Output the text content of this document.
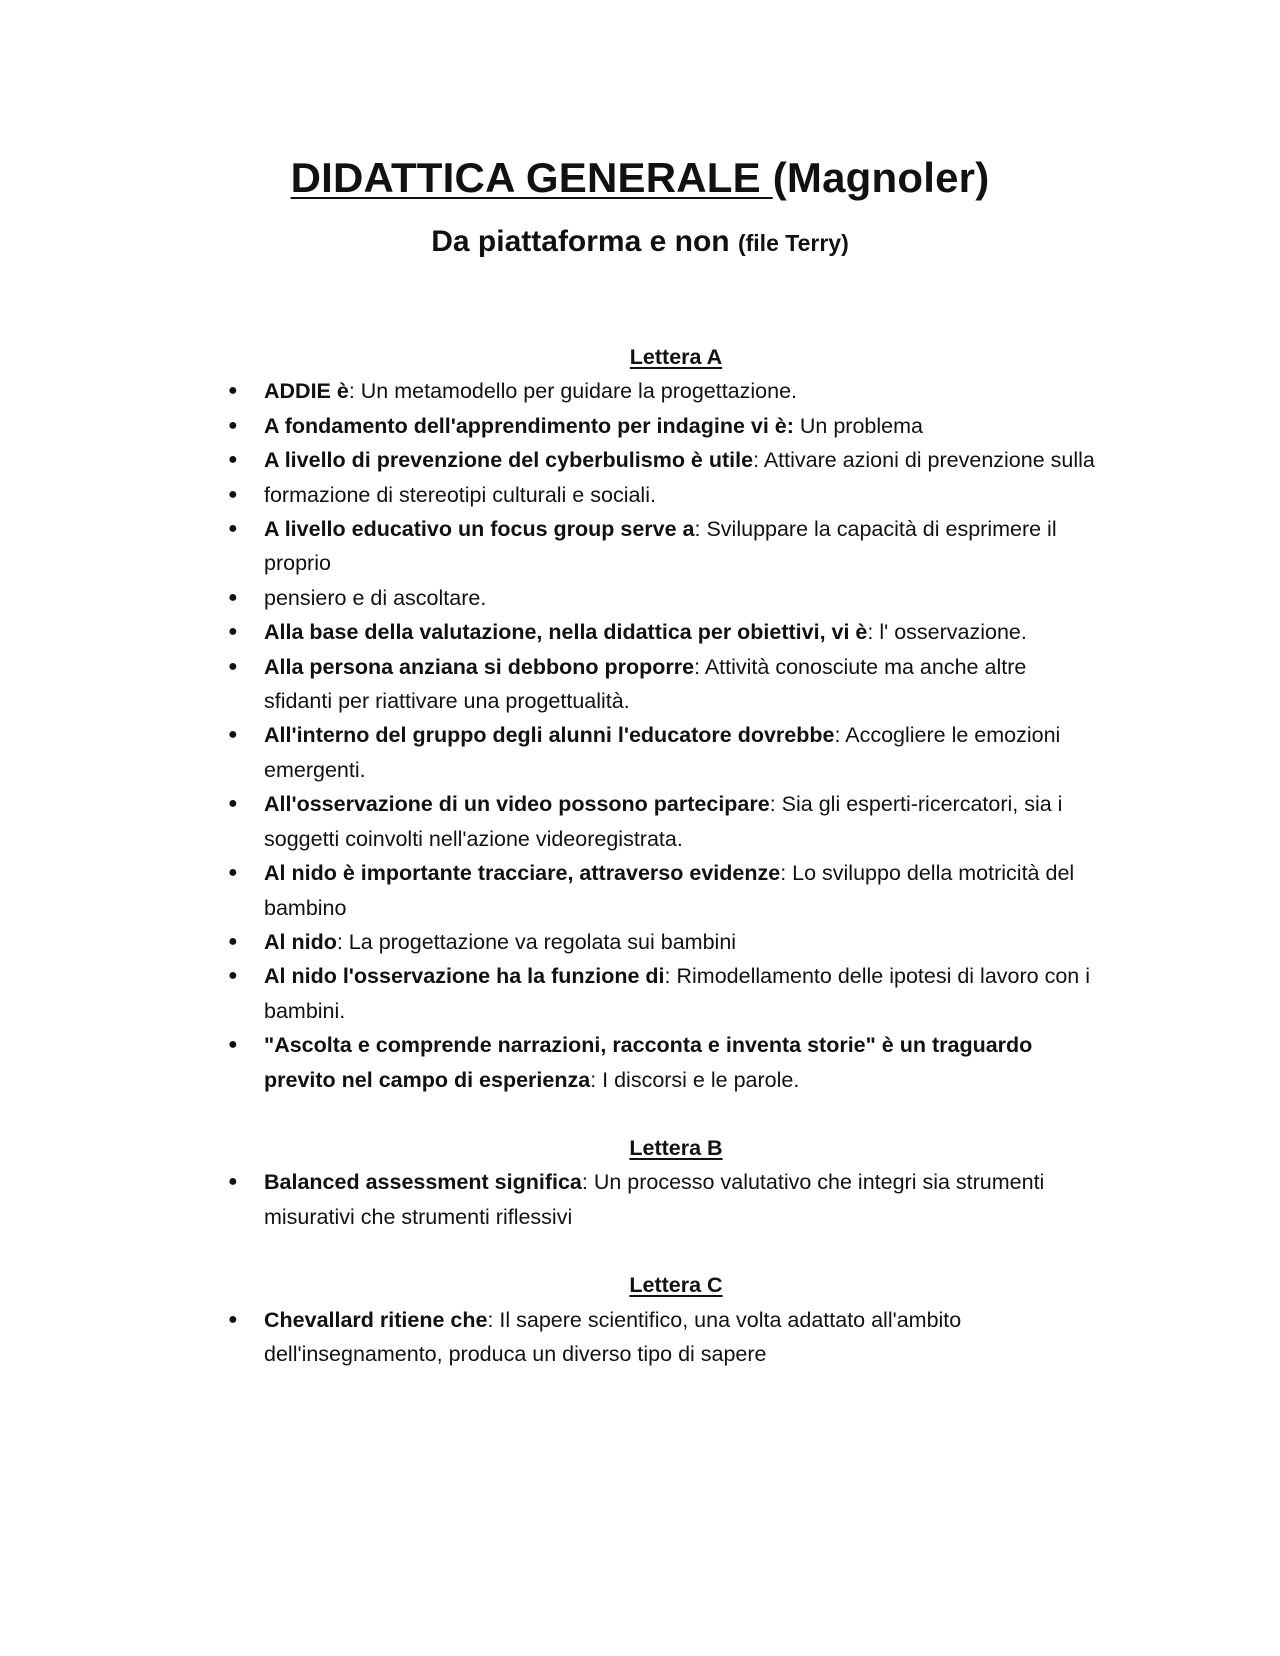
DIDATTICA GENERALE (Magnoler)
Da piattaforma e non (file Terry)

Lettera A

● ADDIE è: Un metamodello per guidare la progettazione.
● A fondamento dell'apprendimento per indagine vi è: Un problema
● A livello di prevenzione del cyberbulismo è utile: Attivare azioni di prevenzione sulla
● formazione di stereotipi culturali e sociali.
● A livello educativo un focus group serve a: Sviluppare la capacità di esprimere il proprio
● pensiero e di ascoltare.
● Alla base della valutazione, nella didattica per obiettivi, vi è: l' osservazione.
● Alla persona anziana si debbono proporre: Attività conosciute ma anche altre sfidanti per riattivare una progettualità.
● All'interno del gruppo degli alunni l'educatore dovrebbe: Accogliere le emozioni emergenti.
● All'osservazione di un video possono partecipare: Sia gli esperti-ricercatori, sia i soggetti coinvolti nell'azione videoregistrata.
● Al nido è importante tracciare, attraverso evidenze: Lo sviluppo della motricità del bambino
● Al nido: La progettazione va regolata sui bambini
● Al nido l'osservazione ha la funzione di: Rimodellamento delle ipotesi di lavoro con i bambini.
● "Ascolta e comprende narrazioni, racconta e inventa storie" è un traguardo previto nel campo di esperienza: I discorsi e le parole.

Lettera B

● Balanced assessment significa: Un processo valutativo che integri sia strumenti misurativi che strumenti riflessivi

Lettera C

● Chevallard ritiene che: Il sapere scientifico, una volta adattato all'ambito dell'insegnamento, produca un diverso tipo di sapere
